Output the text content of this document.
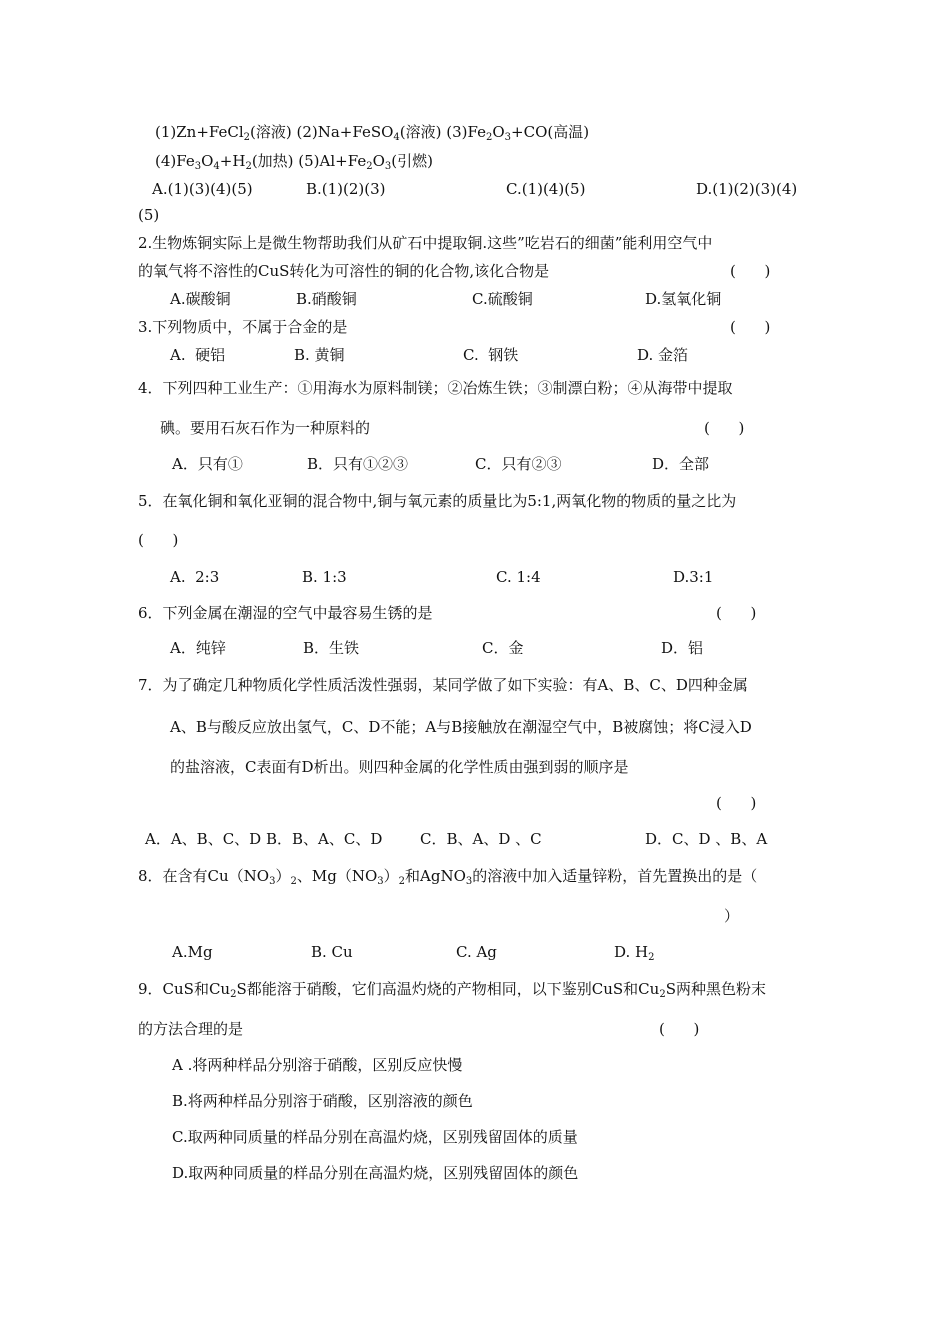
(1)Zn+FeCl$_2$(溶液) (2)Na+FeSO$_4$(溶液) $(3)Fe_2O_3+CO$(高温)
$(4)Fe_3O_4+H_2$(加热) $(5)Al+Fe_2O_3$(引燃)
A.(1)(3)(4)(5)	B.(1)(2)(3)	C.(1)(4)(5)	D.(1)(2)(3)(4)
(5)
2.生物炼铜实际上是微生物帮助我们从矿石中提取铜.这些”吃岩石的细菌”能利用空气中
的氧气将不溶性的CuS转化为可溶性的铜的化合物,该化合物是	(      )
A.碳酸铜	B.硝酸铜	C.硫酸铜	D.氢氧化铜
3.下列物质中，不属于合金的是	(      )
A.  硬铝	B. 黄铜	C.  钢铁	D. 金箔
4．下列四种工业生产：①用海水为原料制镁；②冶炼生铁；③制漂白粉；④从海带中提取
碘。要用石灰石作为一种原料的	(      )
A．只有①	B．只有①②③	C．只有②③	D．全部
5．在氧化铜和氧化亚铜的混合物中,铜与氧元素的质量比为5:1,两氧化物的物质的量之比为
(      )
A.  2:3	B. 1:3	C. 1:4	D.3:1
6．下列金属在潮湿的空气中最容易生锈的是	(      )
A．纯锌	B．生铁	C．金	D．铝
7．为了确定几种物质化学性质活泼性强弱，某同学做了如下实验：有A、B、C、D四种金属
A、B与酸反应放出氢气，C、D不能；A与B接触放在潮湿空气中，B被腐蚀；将C浸入D
的盐溶液，C表面有D析出。则四种金属的化学性质由强到弱的顺序是
(      )
A．A、B、C、D B．B、A、C、D	C．B、A、D 、C	D．C、D 、B、A
8．在含有$Cu(NO_3)_2$、$Mg(NO_3)_2$和AgNO$_3$的溶液中加入适量锌粉，首先置换出的是（
）
A.Mg	B. Cu	C. Ag	D. $H_2$
9．CuS和$Cu_2S$都能溶于硝酸，它们高温灼烧的产物相同，以下鉴别CuS和$Cu_2S$两种黑色粉末
的方法合理的是	(      )
A .将两种样品分别溶于硝酸，区别反应快慢
B.将两种样品分别溶于硝酸，区别溶液的颜色
C.取两种同质量的样品分别在高温灼烧，区别残留固体的质量
D.取两种同质量的样品分别在高温灼烧，区别残留固体的颜色
